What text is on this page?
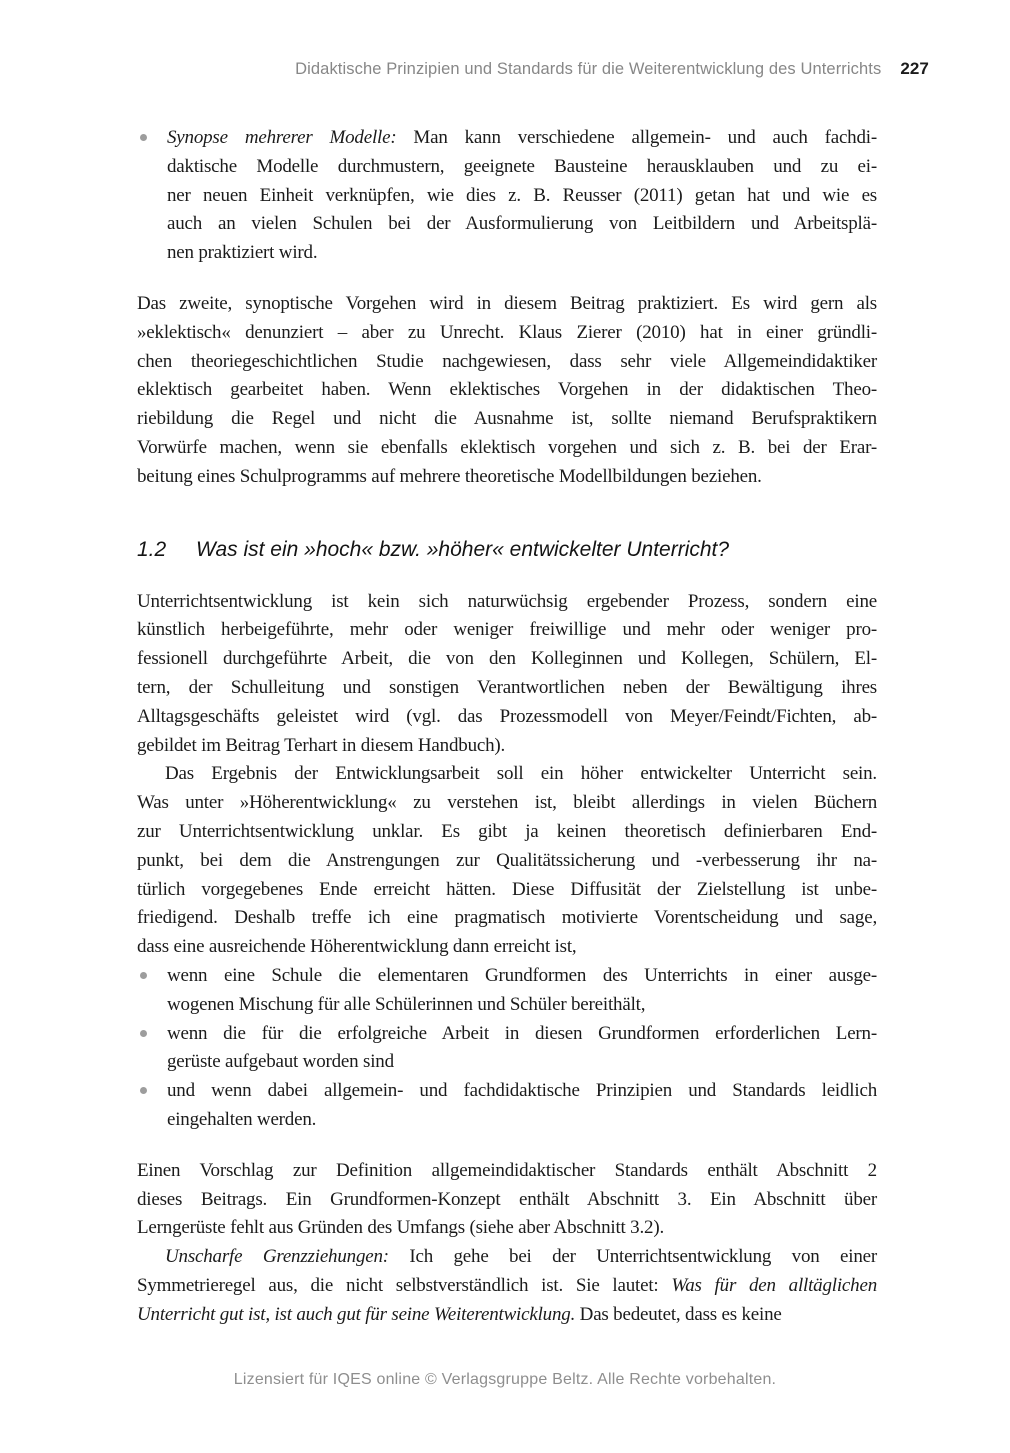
Didaktische Prinzipien und Standards für die Weiterentwicklung des Unterrichts 227
Synopse mehrerer Modelle: Man kann verschiedene allgemein- und auch fachdi-
daktische Modelle durchmustern, geeignete Bausteine herausklauben und zu ei-
ner neuen Einheit verknüpfen, wie dies z. B. Reusser (2011) getan hat und wie es
auch an vielen Schulen bei der Ausformulierung von Leitbildern und Arbeitsplä-
nen praktiziert wird.
Das zweite, synoptische Vorgehen wird in diesem Beitrag praktiziert. Es wird gern als
»eklektisch« denunziert – aber zu Unrecht. Klaus Zierer (2010) hat in einer gründli-
chen theoriegeschichtlichen Studie nachgewiesen, dass sehr viele Allgemeindidaktiker
eklektisch gearbeitet haben. Wenn eklektisches Vorgehen in der didaktischen Theo-
riebildung die Regel und nicht die Ausnahme ist, sollte niemand Berufspraktikern
Vorwürfe machen, wenn sie ebenfalls eklektisch vorgehen und sich z. B. bei der Erar-
beitung eines Schulprogramms auf mehrere theoretische Modellbildungen beziehen.
1.2	Was ist ein »hoch« bzw. »höher« entwickelter Unterricht?
Unterrichtsentwicklung ist kein sich naturwüchsig ergebender Prozess, sondern eine
künstlich herbeigeführte, mehr oder weniger freiwillige und mehr oder weniger pro-
fessionell durchgeführte Arbeit, die von den Kolleginnen und Kollegen, Schülern, El-
tern, der Schulleitung und sonstigen Verantwortlichen neben der Bewältigung ihres
Alltagsgeschäfts geleistet wird (vgl. das Prozessmodell von Meyer/Feindt/Fichten, ab-
gebildet im Beitrag Terhart in diesem Handbuch).
Das Ergebnis der Entwicklungsarbeit soll ein höher entwickelter Unterricht sein.
Was unter »Höherentwicklung« zu verstehen ist, bleibt allerdings in vielen Büchern
zur Unterrichtsentwicklung unklar. Es gibt ja keinen theoretisch definierbaren End-
punkt, bei dem die Anstrengungen zur Qualitätssicherung und -verbesserung ihr na-
türlich vorgegebenes Ende erreicht hätten. Diese Diffusität der Zielstellung ist unbe-
friedigend. Deshalb treffe ich eine pragmatisch motivierte Vorentscheidung und sage,
dass eine ausreichende Höherentwicklung dann erreicht ist,
wenn eine Schule die elementaren Grundformen des Unterrichts in einer ausge-
wogenen Mischung für alle Schülerinnen und Schüler bereithält,
wenn die für die erfolgreiche Arbeit in diesen Grundformen erforderlichen Lern-
gerüste aufgebaut worden sind
und wenn dabei allgemein- und fachdidaktische Prinzipien und Standards leidlich
eingehalten werden.
Einen Vorschlag zur Definition allgemeindidaktischer Standards enthält Abschnitt 2
dieses Beitrags. Ein Grundformen-Konzept enthält Abschnitt 3. Ein Abschnitt über
Lerngerüste fehlt aus Gründen des Umfangs (siehe aber Abschnitt 3.2).
Unscharfe Grenzziehungen: Ich gehe bei der Unterrichtsentwicklung von einer
Symmetrieregel aus, die nicht selbstverständlich ist. Sie lautet: Was für den alltäglichen
Unterricht gut ist, ist auch gut für seine Weiterentwicklung. Das bedeutet, dass es keine
Lizensiert für IQES online © Verlagsgruppe Beltz. Alle Rechte vorbehalten.
